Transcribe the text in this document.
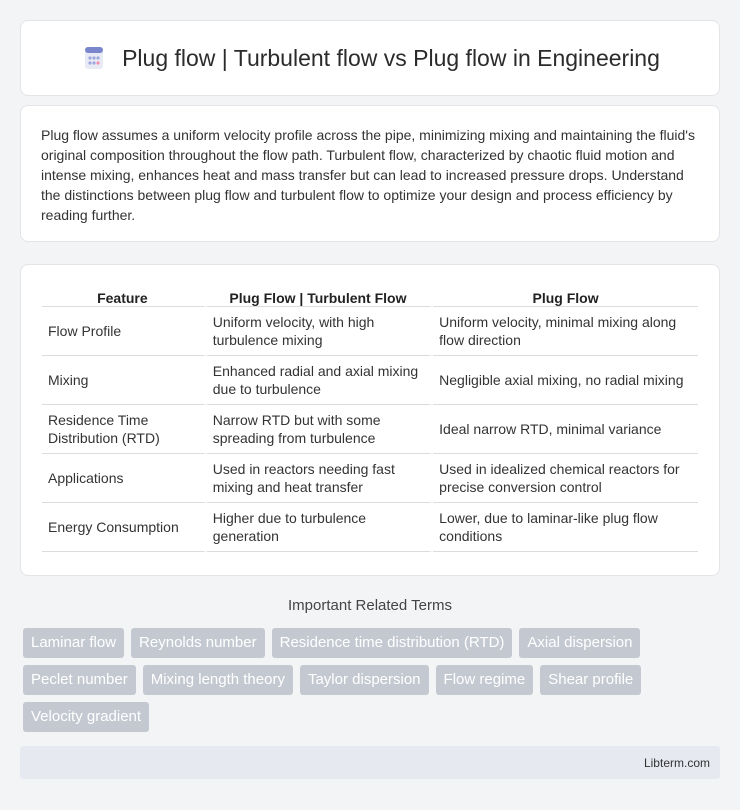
Plug flow | Turbulent flow vs Plug flow in Engineering

Plug flow assumes a uniform velocity profile across the pipe, minimizing mixing and maintaining the fluid's original composition throughout the flow path. Turbulent flow, characterized by chaotic fluid motion and intense mixing, enhances heat and mass transfer but can lead to increased pressure drops. Understand the distinctions between plug flow and turbulent flow to optimize your design and process efficiency by reading further.

Feature	Plug Flow | Turbulent Flow	Plug Flow
Flow Profile	Uniform velocity, with high turbulence mixing	Uniform velocity, minimal mixing along flow direction
Mixing	Enhanced radial and axial mixing due to turbulence	Negligible axial mixing, no radial mixing
Residence Time Distribution (RTD)	Narrow RTD but with some spreading from turbulence	Ideal narrow RTD, minimal variance
Applications	Used in reactors needing fast mixing and heat transfer	Used in idealized chemical reactors for precise conversion control
Energy Consumption	Higher due to turbulence generation	Lower, due to laminar-like plug flow conditions
Important Related Terms
Laminar flow	Reynolds number	Residence time distribution (RTD)	Axial dispersion
Peclet number	Mixing length theory	Taylor dispersion	Flow regime	Shear profile
Velocity gradient
Libterm.com
